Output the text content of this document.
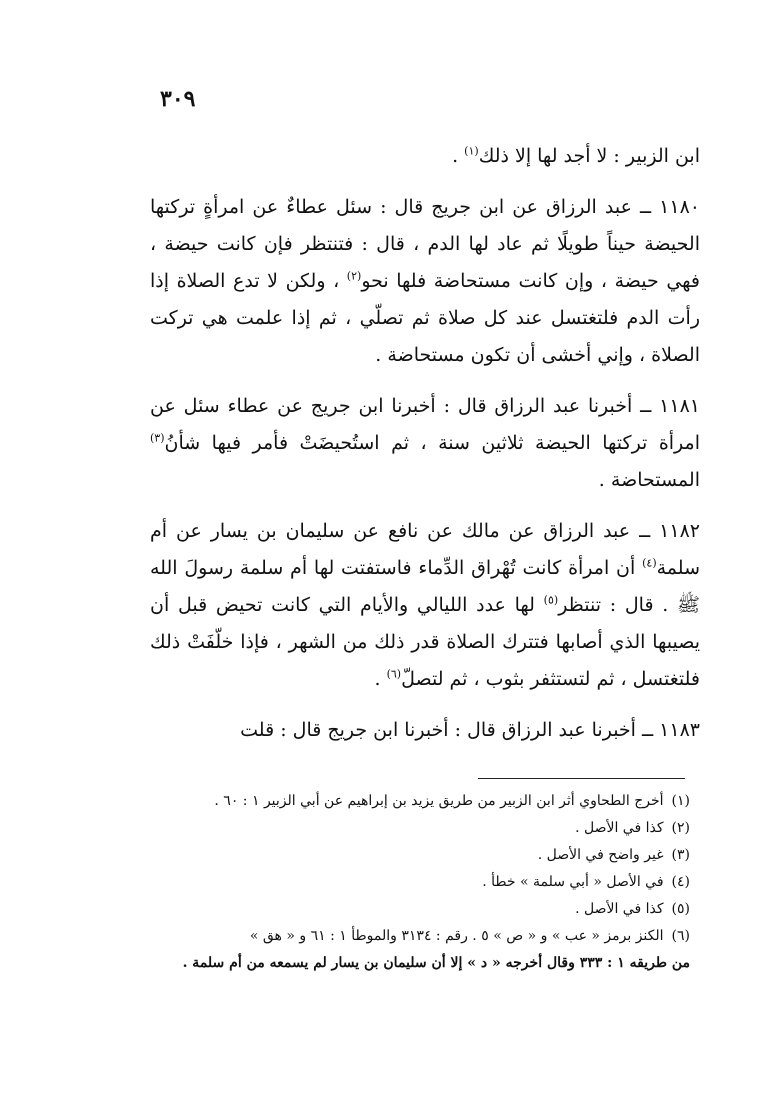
٣٠٩

ابن الزبير : لا أجد لها إلا ذلك$^{(١)}$ .

١١٨٠ ــ عبد الرزاق عن ابن جريج قال : سئل عطاءٌ عن امرأةٍ تركتها الحيضة حيناً طويلًا ثم عاد لها الدم ، قال : فتنتظر فإن كانت حيضة ، فهي حيضة ، وإن كانت مستحاضة فلها نحو$^{(٢)}$ ، ولكن لا تدع الصلاة إذا رأت الدم فلتغتسل عند كل صلاة ثم تصلّي ، ثم إذا علمت هي تركت الصلاة ، وإني أخشى أن تكون مستحاضة .

١١٨١ ــ أخبرنا عبد الرزاق قال : أخبرنا ابن جريج عن عطاء سئل عن امرأة تركتها الحيضة ثلاثين سنة ، ثم استُحيضَتْ فأمر فيها شأنُ$^{(٣)}$ المستحاضة .

١١٨٢ ــ عبد الرزاق عن مالك عن نافع عن سليمان بن يسار عن أم سلمة$^{(٤)}$ أن امرأة كانت تُهْراق الدِّماء فاستفتت لها أم سلمة رسولَ الله ﷺ . قال : تنتظر$^{(٥)}$ لها عدد الليالي والأيام التي كانت تحيض قبل أن يصيبها الذي أصابها فتترك الصلاة قدر ذلك من الشهر ، فإذا خلّفَتْ ذلك فلتغتسل ، ثم لتستثفر بثوب ، ثم لتصلّ$^{(٦)}$ .

١١٨٣ ــ أخبرنا عبد الرزاق قال : أخبرنا ابن جريج قال : قلت

(١)أخرج الطحاوي أثر ابن الزبير من طريق يزيد بن إبراهيم عن أبي الزبير ١ : ٦٠ .

(٢)كذا في الأصل .

(٣)غير واضح في الأصل .

(٤)في الأصل « أبي سلمة » خطأ .

(٥)كذا في الأصل .

(٦)الكنز برمز « عب » و « ص » ٥ . رقم : ٣١٣٤ والموطأ ١ : ٦١ و « هق »

من طريقه ١ : ٣٣٣ وقال أخرجه « د » إلا أن سليمان بن يسار لم يسمعه من أم سلمة .
